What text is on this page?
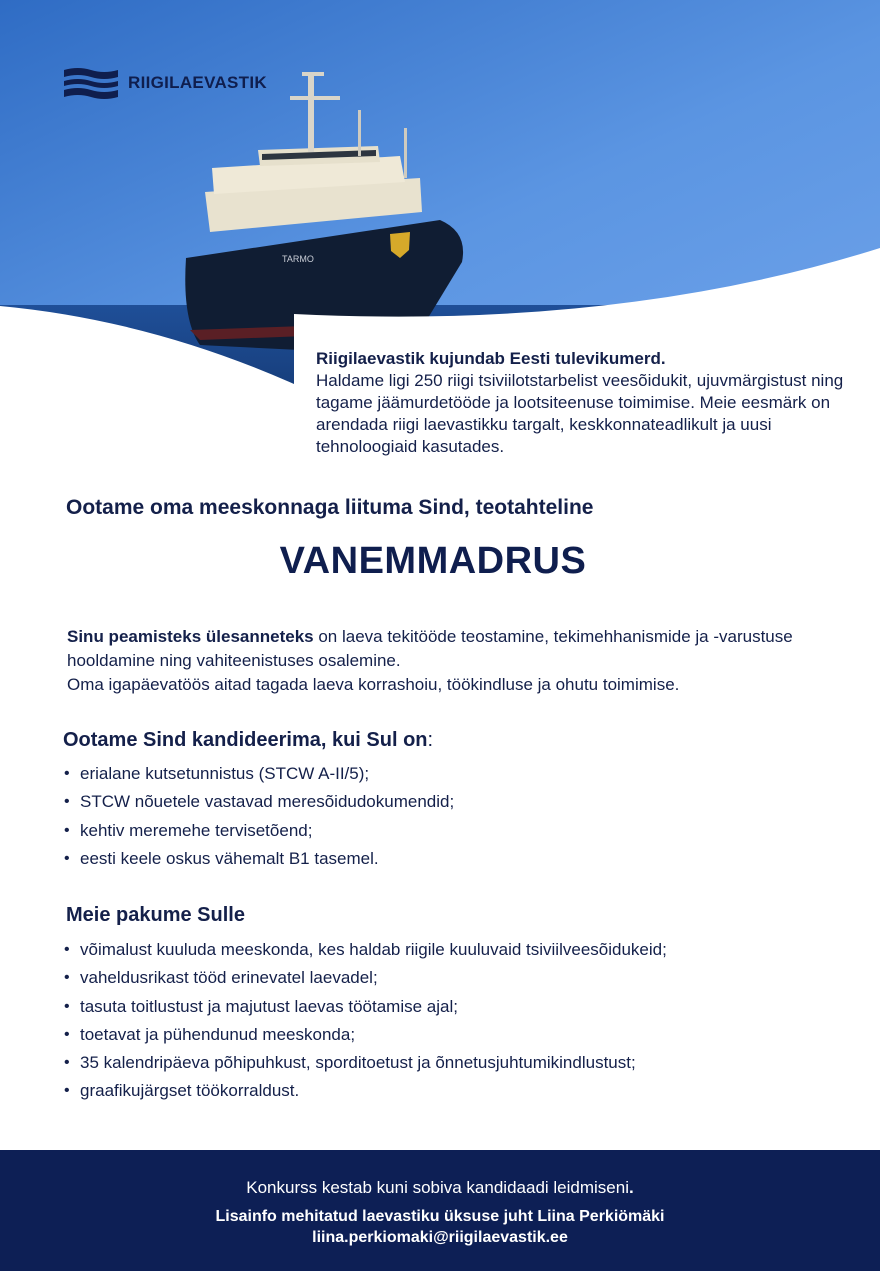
TARMO
RIIGILAEVASTIK
Riigilaevastik kujundab Eesti tulevikumerd.
Haldame ligi 250 riigi tsiviilotstarbelist veesõidukit, ujuvmärgistust ning tagame jäämurdetööde ja lootsiteenuse toimimise. Meie eesmärk on arendada riigi laevastikku targalt, keskkonnateadlikult ja uusi tehnoloogiaid kasutades.
Ootame oma meeskonnaga liituma Sind, teotahteline
VANEMMADRUS
Sinu peamisteks ülesanneteks on laeva tekitööde teostamine, tekimehhanismide ja -varustuse hooldamine ning vahiteenistuses osalemine.
Oma igapäevatöös aitad tagada laeva korrashoiu, töökindluse ja ohutu toimimise.
Ootame Sind kandideerima, kui Sul on:
• erialane kutsetunnistus (STCW A-II/5);
• STCW nõuetele vastavad meresõidudokumendid;
• kehtiv meremehe tervisetõend;
• eesti keele oskus vähemalt B1 tasemel.
Meie pakume Sulle
• võimalust kuuluda meeskonda, kes haldab riigile kuuluvaid tsiviilveesõidukeid;
• vaheldusrikast tööd erinevatel laevadel;
• tasuta toitlustust ja majutust laevas töötamise ajal;
• toetavat ja pühendunud meeskonda;
• 35 kalendripäeva põhipuhkust, sporditoetust ja õnnetusjuhtumikindlustust;
• graafikujärgset töökorraldust.
Konkurss kestab kuni sobiva kandidaadi leidmiseni.
Lisainfo mehitatud laevastiku üksuse juht Liina Perkiömäki
liina.perkiomaki@riigilaevastik.ee
